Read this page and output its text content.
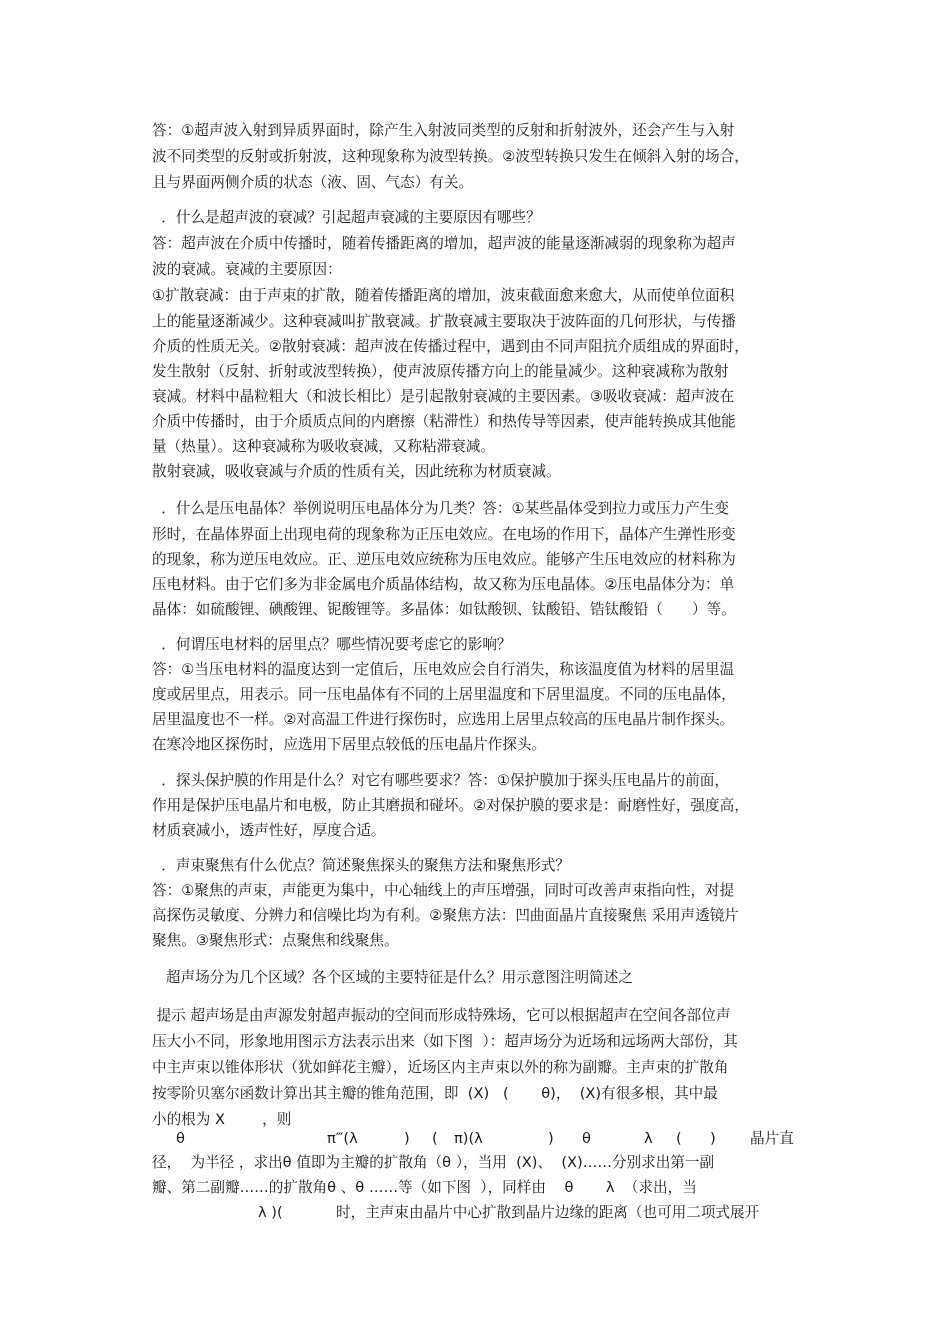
答：①超声波入射到异质界面时，除产生入射波同类型的反射和折射波外，还会产生与入射
波不同类型的反射或折射波，这种现象称为波型转换。②波型转换只发生在倾斜入射的场合，
且与界面两侧介质的状态（液、固、气态）有关。
．什么是超声波的衰减？引起超声衰减的主要原因有哪些？
答：超声波在介质中传播时，随着传播距离的增加，超声波的能量逐渐减弱的现象称为超声
波的衰减。衰减的主要原因：
①扩散衰减：由于声束的扩散，随着传播距离的增加，波束截面愈来愈大，从而使单位面积
上的能量逐渐减少。这种衰减叫扩散衰减。扩散衰减主要取决于波阵面的几何形状，与传播
介质的性质无关。②散射衰减：超声波在传播过程中，遇到由不同声阻抗介质组成的界面时，
发生散射（反射、折射或波型转换），使声波原传播方向上的能量减少。这种衰减称为散射
衰减。材料中晶粒粗大（和波长相比）是引起散射衰减的主要因素。③吸收衰减：超声波在
介质中传播时，由于介质质点间的内磨擦（粘滞性）和热传导等因素，使声能转换成其他能
量（热量）。这种衰减称为吸收衰减，又称粘滞衰减。
散射衰减，吸收衰减与介质的性质有关，因此统称为材质衰减。
．什么是压电晶体？举例说明压电晶体分为几类？答：①某些晶体受到拉力或压力产生变
形时，在晶体界面上出现电荷的现象称为正压电效应。在电场的作用下，晶体产生弹性形变
的现象，称为逆压电效应。正、逆压电效应统称为压电效应。能够产生压电效应的材料称为
压电材料。由于它们多为非金属电介质晶体结构，故又称为压电晶体。②压电晶体分为：单
晶体：如硫酸锂、碘酸锂、铌酸锂等。多晶体：如钛酸钡、钛酸铅、锆钛酸铅（　　）等。
．何谓压电材料的居里点？哪些情况要考虑它的影响？
答：①当压电材料的温度达到一定值后，压电效应会自行消失，称该温度值为材料的居里温
度或居里点，用表示。同一压电晶体有不同的上居里温度和下居里温度。不同的压电晶体，
居里温度也不一样。②对高温工件进行探伤时，应选用上居里点较高的压电晶片制作探头。
在寒冷地区探伤时，应选用下居里点较低的压电晶片作探头。
．探头保护膜的作用是什么？对它有哪些要求？答：①保护膜加于探头压电晶片的前面，
作用是保护压电晶片和电极，防止其磨损和碰坏。②对保护膜的要求是：耐磨性好，强度高，
材质衰减小，透声性好，厚度合适。
．声束聚焦有什么优点？简述聚焦探头的聚焦方法和聚焦形式？
答：①聚焦的声束，声能更为集中，中心轴线上的声压增强，同时可改善声束指向性，对提
高探伤灵敏度、分辨力和信噪比均为有利。②聚焦方法：凹曲面晶片直接聚焦 采用声透镜片
聚焦。③聚焦形式：点聚焦和线聚焦。
超声场分为几个区域？各个区域的主要特征是什么？用示意图注明简述之
提示 超声场是由声源发射超声振动的空间而形成特殊场，它可以根据超声在空间各部位声
压大小不同，形象地用图示方法表示出来（如下图  ）：超声场分为近场和远场两大部份，其
中主声束以锥体形状（犹如鲜花主瓣），近场区内主声束以外的称为副瓣。主声束的扩散角
按零阶贝塞尔函数计算出其主瓣的锥角范围，即  (X)   (       θ)，  (X)有很多根，其中最
小的根为 X        ，则
θ	π‴(λ	) ( π)(λ	) θ	λ ( ) 晶片直
径，  为半径 ，求出θ 值即为主瓣的扩散角（θ ），当用  (X)、  (X)……分别求出第一副
瓣、第二副瓣……的扩散角θ 、θ ……等（如下图  ），同样由    θ       λ  （求出，当
λ )(	时，主声束由晶片中心扩散到晶片边缘的距离（也可用二项式展开
